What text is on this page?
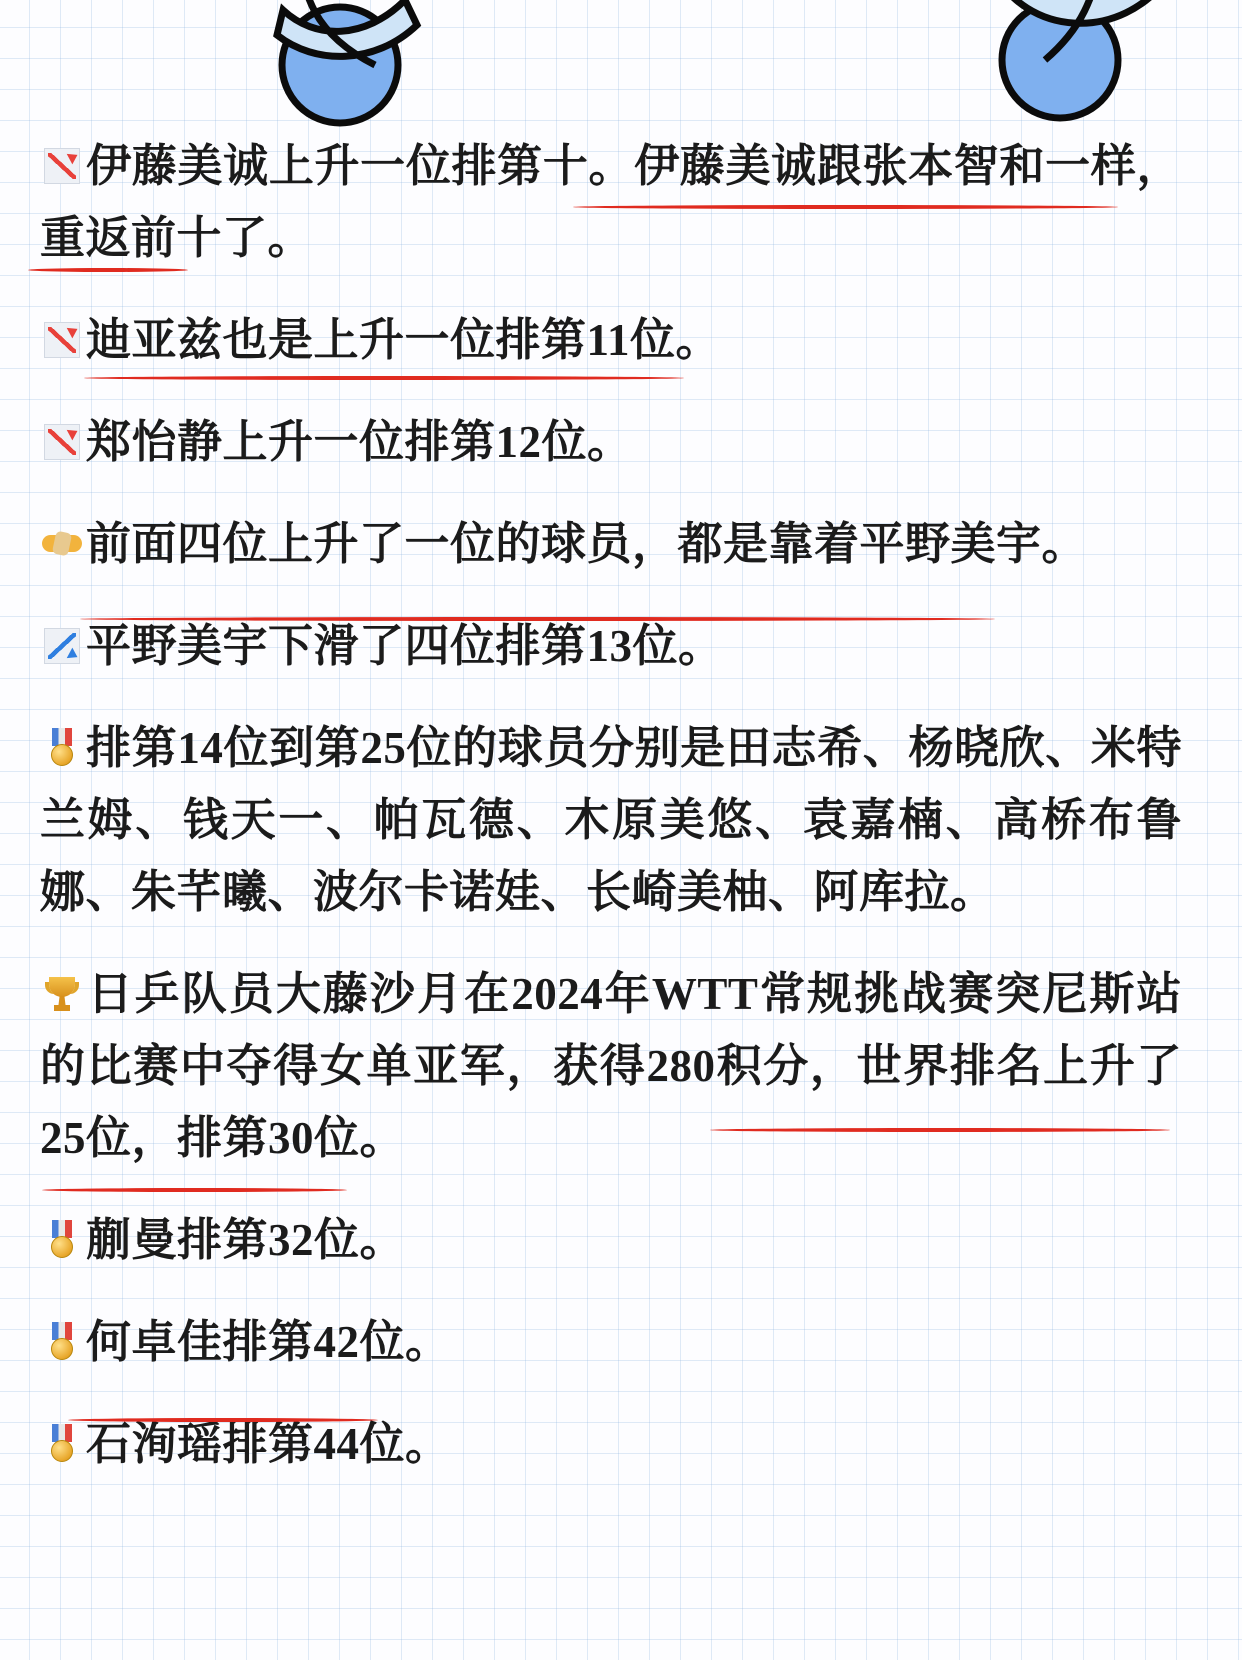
伊藤美诚上升一位排第十。伊藤美诚跟张本智和一样，重返前十了。

迪亚兹也是上升一位排第11位。

郑怡静上升一位排第12位。

前面四位上升了一位的球员，都是靠着平野美宇。

平野美宇下滑了四位排第13位。

排第14位到第25位的球员分别是田志希、杨晓欣、米特兰姆、钱天一、帕瓦德、木原美悠、袁嘉楠、高桥布鲁娜、朱芊曦、波尔卡诺娃、长崎美柚、阿库拉。

日乒队员大藤沙月在2024年WTT常规挑战赛突尼斯站的比赛中夺得女单亚军，获得280积分，世界排名上升了25位，排第30位。

蒯曼排第32位。

何卓佳排第42位。

石洵瑶排第44位。
